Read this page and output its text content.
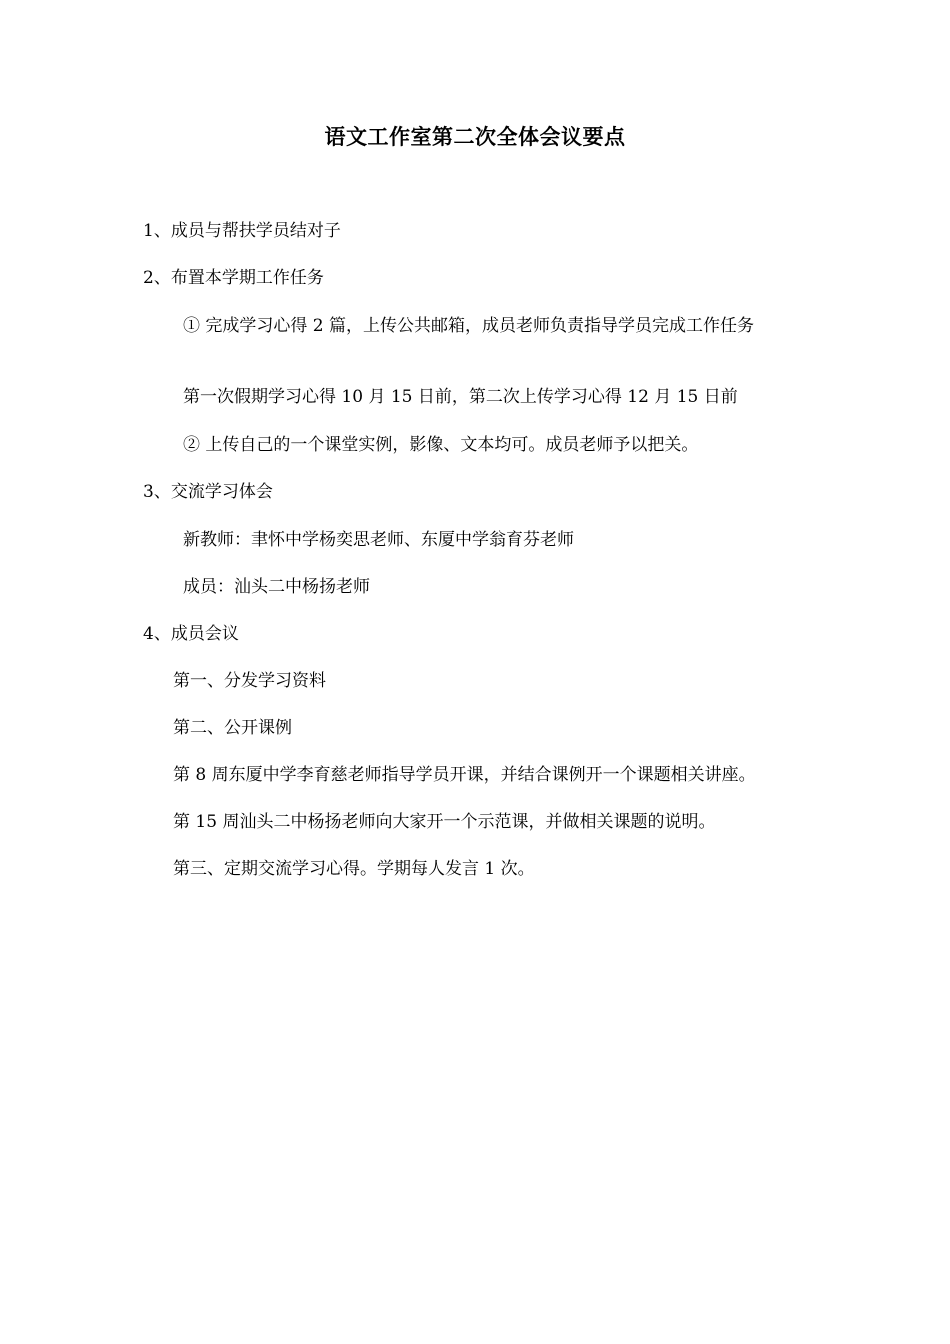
语文工作室第二次全体会议要点
1、成员与帮扶学员结对子
2、布置本学期工作任务
① 完成学习心得 2 篇，上传公共邮箱，成员老师负责指导学员完成工作任务
第一次假期学习心得 10 月 15 日前，第二次上传学习心得 12 月 15 日前
② 上传自己的一个课堂实例，影像、文本均可。成员老师予以把关。
3、交流学习体会
新教师：聿怀中学杨奕思老师、东厦中学翁育芬老师
成员：汕头二中杨扬老师
4、成员会议
第一、分发学习资料
第二、公开课例
第 8 周东厦中学李育慈老师指导学员开课，并结合课例开一个课题相关讲座。
第 15 周汕头二中杨扬老师向大家开一个示范课，并做相关课题的说明。
第三、定期交流学习心得。学期每人发言 1 次。
